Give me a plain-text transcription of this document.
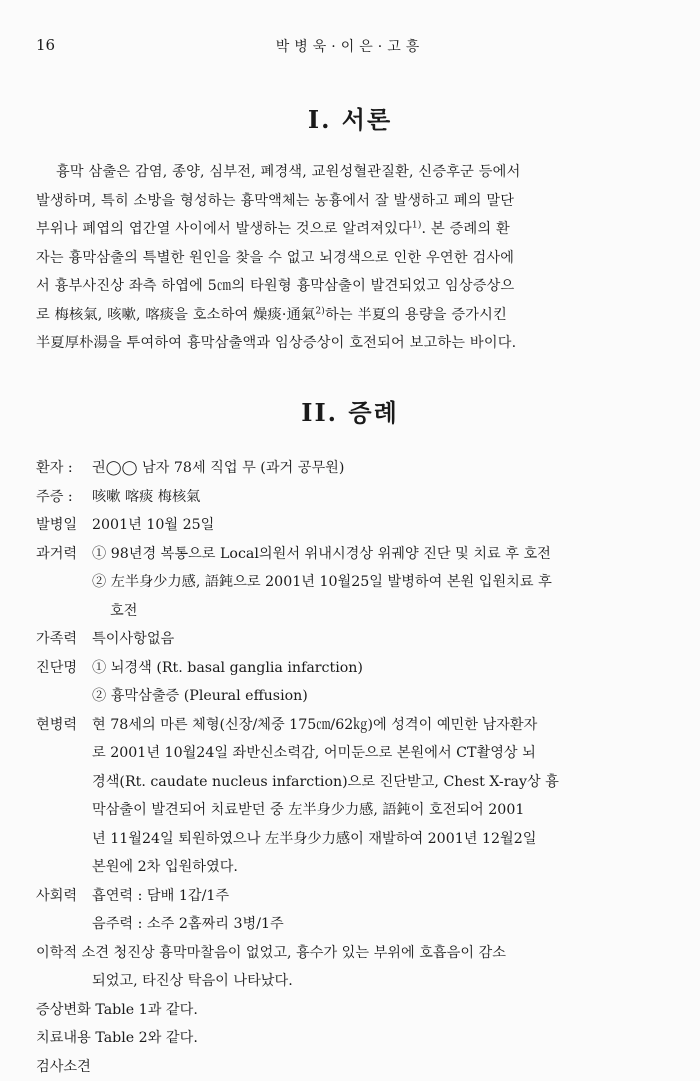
16	박병욱·이은·고흥
I. 서론
흉막 삼출은 감염, 종양, 심부전, 폐경색, 교원성혈관질환, 신증후군 등에서
발생하며, 특히 소방을 형성하는 흉막액체는 농흉에서 잘 발생하고 폐의 말단
부위나 폐엽의 엽간열 사이에서 발생하는 것으로 알려져있다$^{1)}$. 본 증례의 환
자는 흉막삼출의 특별한 원인을 찾을 수 없고 뇌경색으로 인한 우연한 검사에
서 흉부사진상 좌측 하엽에 5㎝의 타원형 흉막삼출이 발견되었고 임상증상으
로 梅核氣, 咳嗽, 喀痰을 호소하여 燥痰·通氣$^{2)}$하는 半夏의 용량을 증가시킨
半夏厚朴湯을 투여하여 흉막삼출액과 임상증상이 호전되어 보고하는 바이다.
II. 증례
환자 : 권◯◯ 남자 78세 직업 무 (과거 공무원)
주증 : 咳嗽 喀痰 梅核氣
발병일 2001년 10월 25일
과거력 ① 98년경 복통으로 Local의원서 위내시경상 위궤양 진단 및 치료 후 호전
② 左半身少力感, 語鈍으로 2001년 10월25일 발병하여 본원 입원치료 후
호전
가족력 특이사항없음
진단명 ① 뇌경색 (Rt. basal ganglia infarction)
② 흉막삼출증 (Pleural effusion)
현병력 현 78세의 마른 체형(신장/체중 175㎝/62㎏)에 성격이 예민한 남자환자
로 2001년 10월24일 좌반신소력감, 어미둔으로 본원에서 CT촬영상 뇌
경색(Rt. caudate nucleus infarction)으로 진단받고, Chest X-ray상 흉
막삼출이 발견되어 치료받던 중 左半身少力感, 語鈍이 호전되어 2001
년 11월24일 퇴원하였으나 左半身少力感이 재발하여 2001년 12월2일
본원에 2차 입원하였다.
사회력 흡연력 : 담배 1갑/1주
음주력 : 소주 2홉짜리 3병/1주
이학적 소견 청진상 흉막마찰음이 없었고, 흉수가 있는 부위에 호흡음이 감소
되었고, 타진상 탁음이 나타났다.
증상변화 Table 1과 같다.
치료내용 Table 2와 같다.
검사소견
